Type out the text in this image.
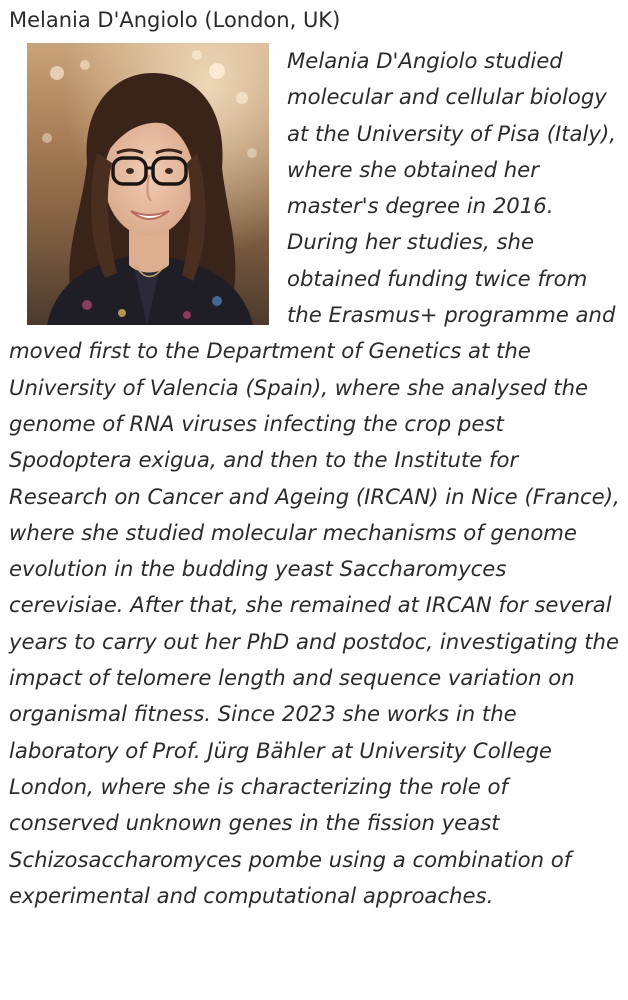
Melania D'Angiolo (London, UK)

Melania D'Angiolo studied molecular and cellular biology at the University of Pisa (Italy), where she obtained her master's degree in 2016. During her studies, she obtained funding twice from the Erasmus+ programme and moved first to the Department of Genetics at the University of Valencia (Spain), where she analysed the genome of RNA viruses infecting the crop pest Spodoptera exigua, and then to the Institute for Research on Cancer and Ageing (IRCAN) in Nice (France), where she studied molecular mechanisms of genome evolution in the budding yeast Saccharomyces cerevisiae. After that, she remained at IRCAN for several years to carry out her PhD and postdoc, investigating the impact of telomere length and sequence variation on organismal fitness. Since 2023 she works in the laboratory of Prof. Jürg Bähler at University College London, where she is characterizing the role of conserved unknown genes in the fission yeast Schizosaccharomyces pombe using a combination of experimental and computational approaches.
